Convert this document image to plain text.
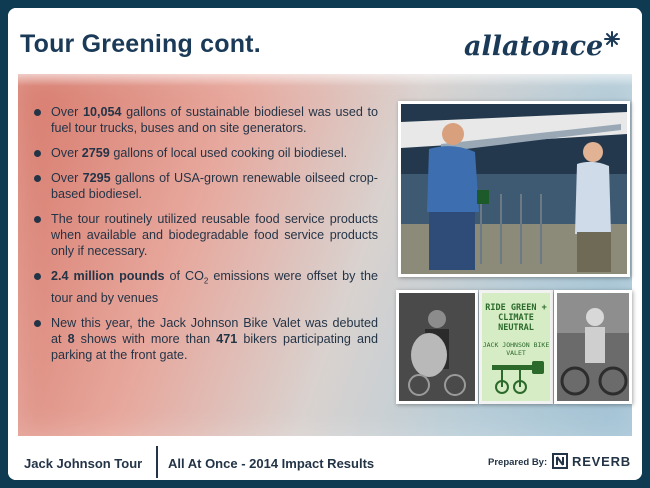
Tour Greening cont.	allatonce
Over 10,054 gallons of sustainable biodiesel was used to fuel tour trucks, buses and on site generators.
Over 2759 gallons of local used cooking oil biodiesel.
Over 7295 gallons of USA-grown renewable oilseed crop-based biodiesel.
The tour routinely utilized reusable food service products when available and biodegradable food service products only if necessary.
2.4 million pounds of $CO_2$ emissions were offset by the tour and by venues
New this year, the Jack Johnson Bike Valet was debuted at 8 shows with more than 471 bikers participating and parking at the front gate.
RIDE GREEN +
CLIMATE
NEUTRAL
JACK JOHNSON BIKE VALET
Jack Johnson Tour All At Once - 2014 Impact Results	Prepared By: REVERB
